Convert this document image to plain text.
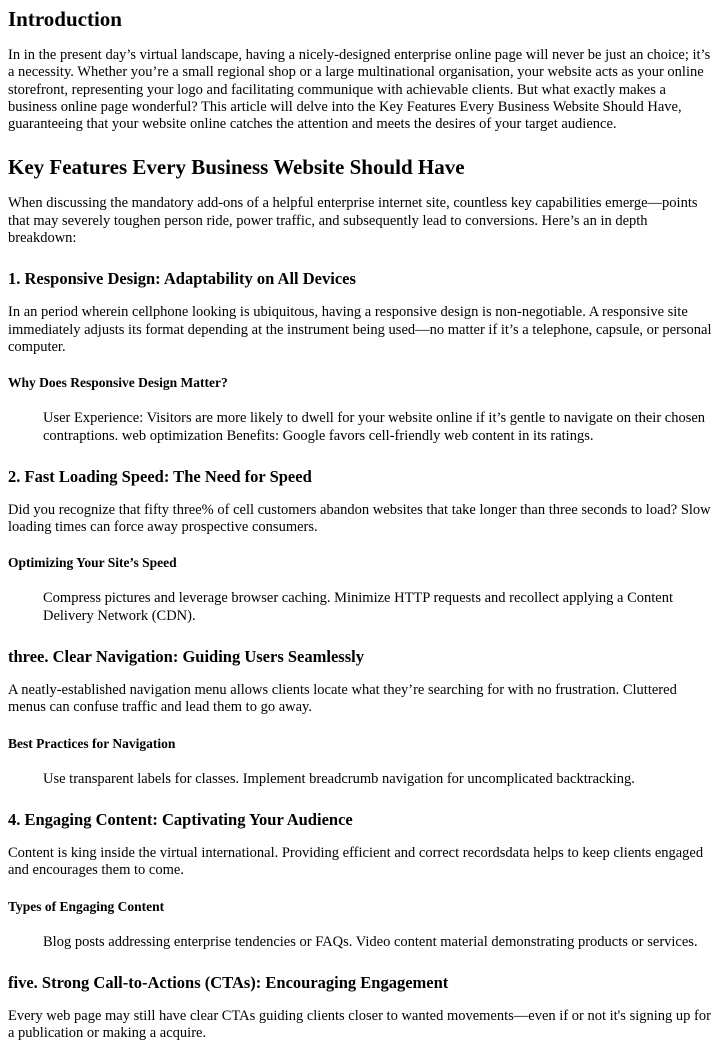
Introduction

In in the present day’s virtual landscape, having a nicely-designed enterprise online page will never be just an choice; it’s a necessity. Whether you’re a small regional shop or a large multinational organisation, your website acts as your online storefront, representing your logo and facilitating communique with achievable clients. But what exactly makes a business online page wonderful? This article will delve into the Key Features Every Business Website Should Have, guaranteeing that your website online catches the attention and meets the desires of your target audience.

Key Features Every Business Website Should Have

When discussing the mandatory add-ons of a helpful enterprise internet site, countless key capabilities emerge—points that may severely toughen person ride, power traffic, and subsequently lead to conversions. Here’s an in depth breakdown:

1. Responsive Design: Adaptability on All Devices

In an period wherein cellphone looking is ubiquitous, having a responsive design is non-negotiable. A responsive site immediately adjusts its format depending at the instrument being used—no matter if it’s a telephone, capsule, or personal computer.

Why Does Responsive Design Matter?
User Experience: Visitors are more likely to dwell for your website online if it’s gentle to navigate on their chosen contraptions. web optimization Benefits: Google favors cell-friendly web content in its ratings.
2. Fast Loading Speed: The Need for Speed

Did you recognize that fifty three% of cell customers abandon websites that take longer than three seconds to load? Slow loading times can force away prospective consumers.

Optimizing Your Site’s Speed
Compress pictures and leverage browser caching. Minimize HTTP requests and recollect applying a Content Delivery Network (CDN).
three. Clear Navigation: Guiding Users Seamlessly

A neatly-established navigation menu allows clients locate what they’re searching for with no frustration. Cluttered menus can confuse traffic and lead them to go away.

Best Practices for Navigation
Use transparent labels for classes. Implement breadcrumb navigation for uncomplicated backtracking.
4. Engaging Content: Captivating Your Audience

Content is king inside the virtual international. Providing efficient and correct recordsdata helps to keep clients engaged and encourages them to come.

Types of Engaging Content
Blog posts addressing enterprise tendencies or FAQs. Video content material demonstrating products or services.
five. Strong Call-to-Actions (CTAs): Encouraging Engagement

Every web page may still have clear CTAs guiding clients closer to wanted movements—even if or not it's signing up for a publication or making a acquire.
